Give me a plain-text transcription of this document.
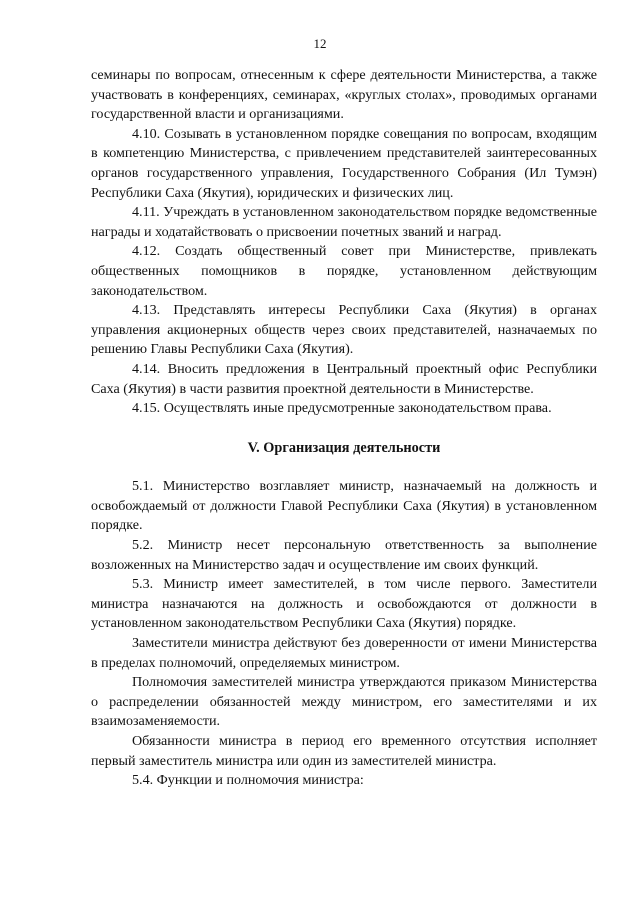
12

семинары по вопросам, отнесенным к сфере деятельности Министерства, а также участвовать в конференциях, семинарах, «круглых столах», проводимых органами государственной власти и организациями.

4.10. Созывать в установленном порядке совещания по вопросам, входящим в компетенцию Министерства, с привлечением представителей заинтересованных органов государственного управления, Государственного Собрания (Ил Тумэн) Республики Саха (Якутия), юридических и физических лиц.

4.11. Учреждать в установленном законодательством порядке ведомственные награды и ходатайствовать о присвоении почетных званий и наград.

4.12. Создать общественный совет при Министерстве, привлекать общественных помощников в порядке, установленном действующим законодательством.

4.13. Представлять интересы Республики Саха (Якутия) в органах управления акционерных обществ через своих представителей, назначаемых по решению Главы Республики Саха (Якутия).

4.14. Вносить предложения в Центральный проектный офис Республики Саха (Якутия) в части развития проектной деятельности в Министерстве.

4.15. Осуществлять иные предусмотренные законодательством права.

V. Организация деятельности

5.1. Министерство возглавляет министр, назначаемый на должность и освобождаемый от должности Главой Республики Саха (Якутия) в установленном порядке.

5.2. Министр несет персональную ответственность за выполнение возложенных на Министерство задач и осуществление им своих функций.

5.3. Министр имеет заместителей, в том числе первого. Заместители министра назначаются на должность и освобождаются от должности в установленном законодательством Республики Саха (Якутия) порядке.

Заместители министра действуют без доверенности от имени Министерства в пределах полномочий, определяемых министром.

Полномочия заместителей министра утверждаются приказом Министерства о распределении обязанностей между министром, его заместителями и их взаимозаменяемости.

Обязанности министра в период его временного отсутствия исполняет первый заместитель министра или один из заместителей министра.

5.4. Функции и полномочия министра:
